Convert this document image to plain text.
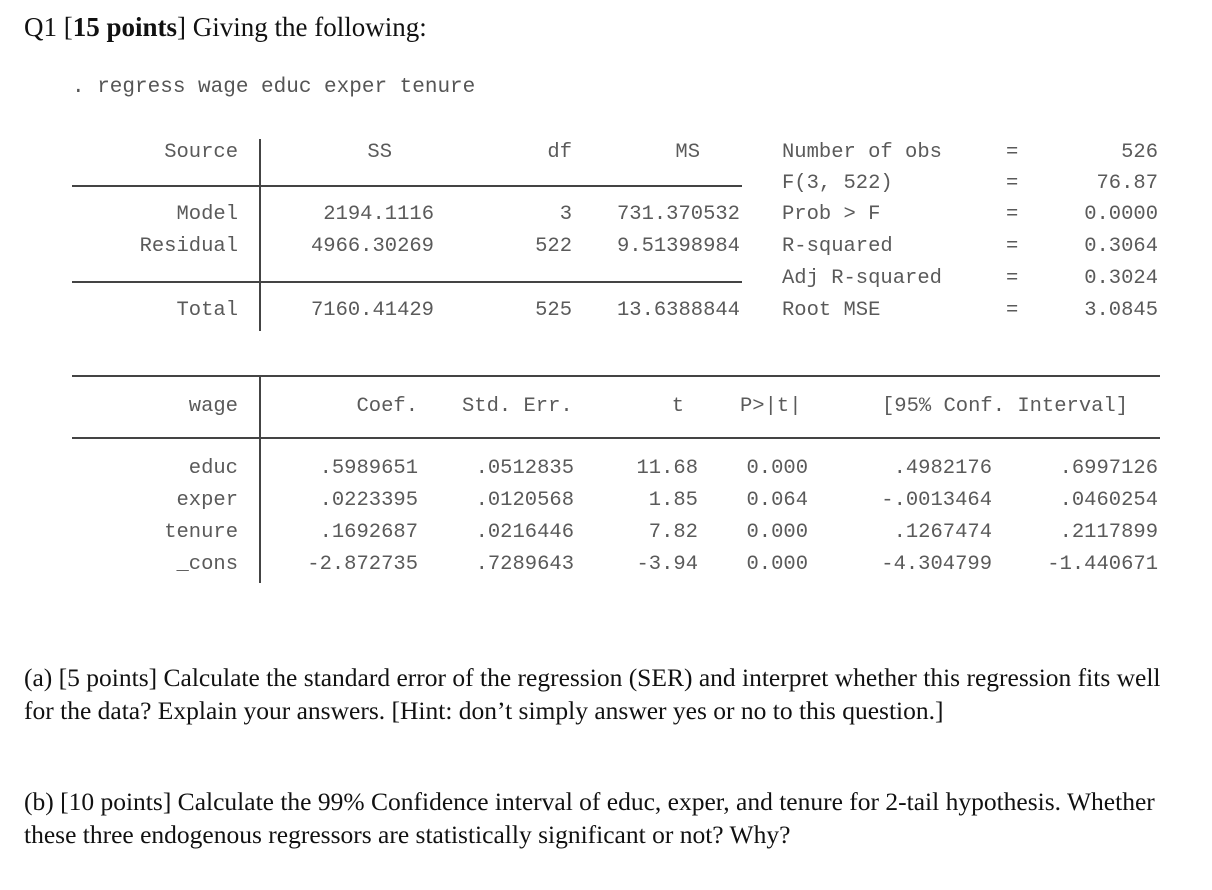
Q1 [15 points] Giving the following:
. regress wage educ exper tenure
Source	SS	df	MS
Model	2194.1116	3	731.370532
Residual	4966.30269	522	9.51398984
Total	7160.41429	525	13.6388844
Number of obs	=	526
F(3, 522)	=	76.87
Prob > F	=	0.0000
R-squared	=	0.3064
Adj R-squared	=	0.3024
Root MSE	=	3.0845
wage	Coef. Std. Err.	t	P>|t|	[95% Conf. Interval]
educ	.5989651	.0512835	11.68	0.000	.4982176	.6997126
exper	.0223395	.0120568	1.85	0.064	-.0013464	.0460254
tenure	.1692687	.0216446	7.82	0.000	.1267474	.2117899
_cons	-2.872735	.7289643	-3.94	0.000	-4.304799	-1.440671
(a) [5 points] Calculate the standard error of the regression (SER) and interpret whether this regression fits well for the data? Explain your answers. [Hint: don’t simply answer yes or no to this question.]
(b) [10 points] Calculate the 99% Confidence interval of educ, exper, and tenure for 2-tail hypothesis. Whether these three endogenous regressors are statistically significant or not? Why?
